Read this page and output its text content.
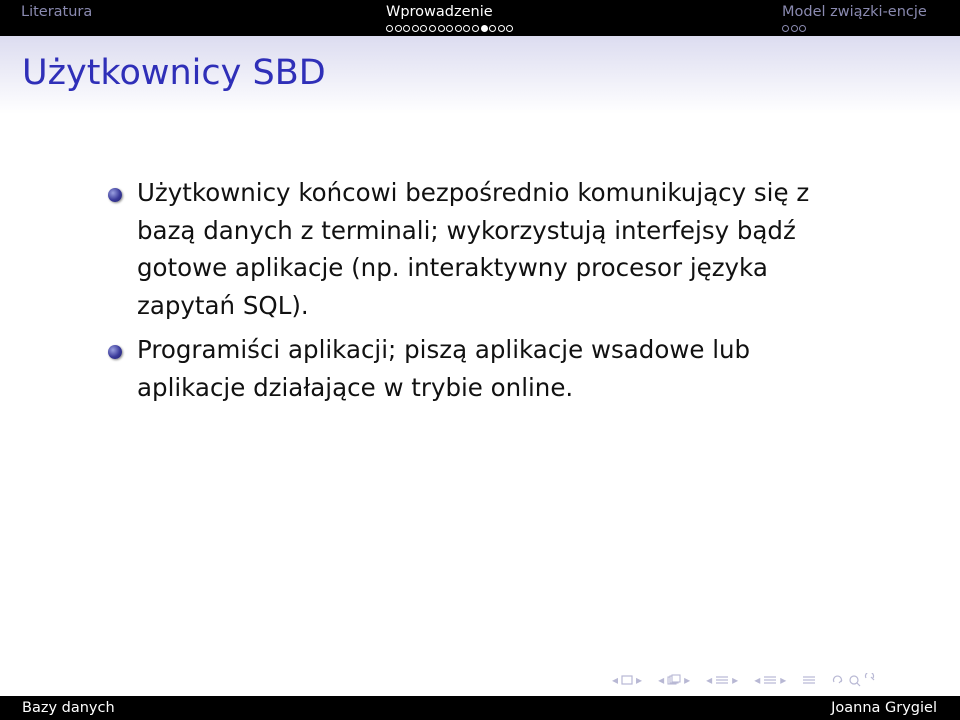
Literatura	Wprowadzenie	Model związki-encje
Użytkownicy SBD
Użytkownicy końcowi bezpośrednio komunikujący się z bazą danych z terminali; wykorzystują interfejsy bądź gotowe aplikacje (np. interaktywny procesor języka zapytań SQL).
Programiści aplikacji; piszą aplikacje wsadowe lub aplikacje działające w trybie online.
◂ ▸ ◂ ▸ ◂ ▸ ◂ ▸
Bazy danych	Joanna Grygiel
